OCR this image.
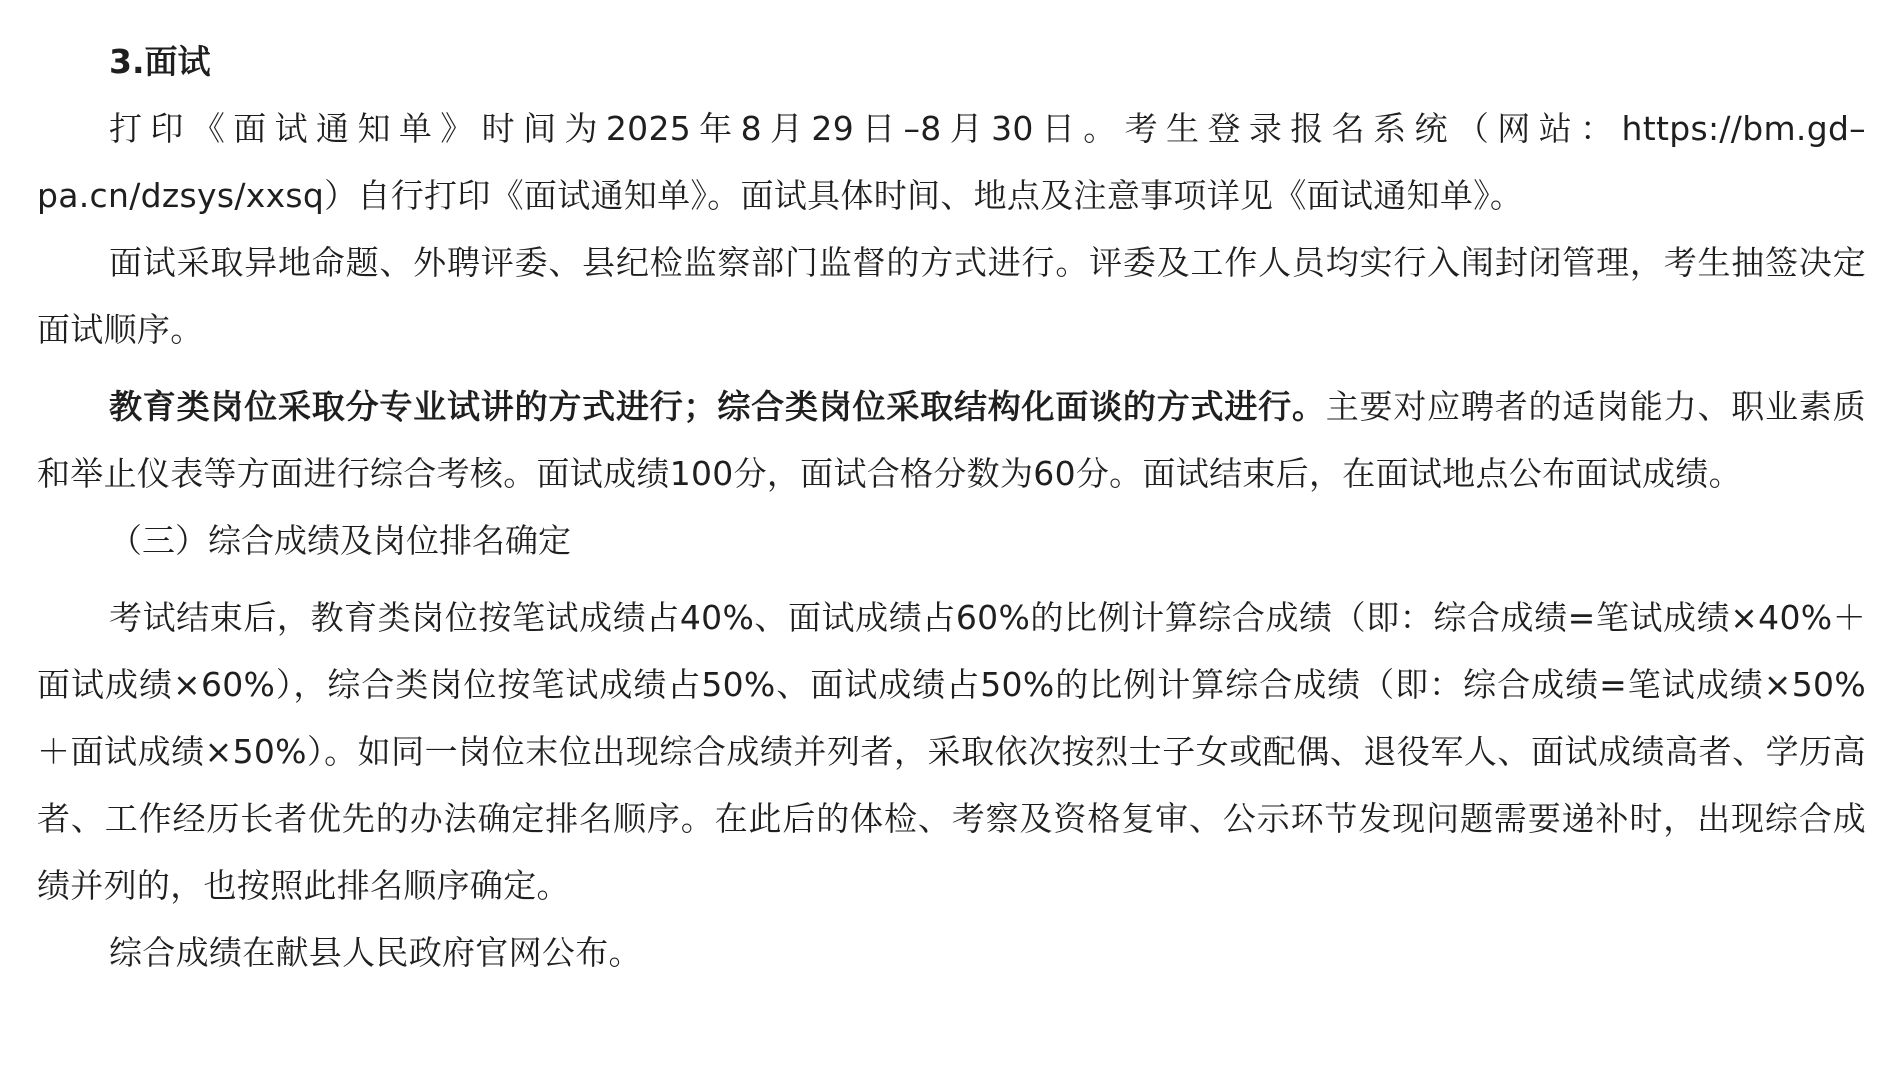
3.面试

打印《面试通知单》时间为2025年8月29日–8月30日。考生登录报名系统（网站：https://bm.gd–pa.cn/dzsys/xxsq）自行打印《面试通知单》。面试具体时间、地点及注意事项详见《面试通知单》。

面试采取异地命题、外聘评委、县纪检监察部门监督的方式进行。评委及工作人员均实行入闱封闭管理，考生抽签决定面试顺序。

教育类岗位采取分专业试讲的方式进行；综合类岗位采取结构化面谈的方式进行。主要对应聘者的适岗能力、职业素质和举止仪表等方面进行综合考核。面试成绩100分，面试合格分数为60分。面试结束后，在面试地点公布面试成绩。

（三）综合成绩及岗位排名确定

考试结束后，教育类岗位按笔试成绩占40%、面试成绩占60%的比例计算综合成绩（即：综合成绩=笔试成绩×40%＋面试成绩×60%），综合类岗位按笔试成绩占50%、面试成绩占50%的比例计算综合成绩（即：综合成绩=笔试成绩×50%＋面试成绩×50%）。如同一岗位末位出现综合成绩并列者，采取依次按烈士子女或配偶、退役军人、面试成绩高者、学历高者、工作经历长者优先的办法确定排名顺序。在此后的体检、考察及资格复审、公示环节发现问题需要递补时，出现综合成绩并列的，也按照此排名顺序确定。

综合成绩在献县人民政府官网公布。
